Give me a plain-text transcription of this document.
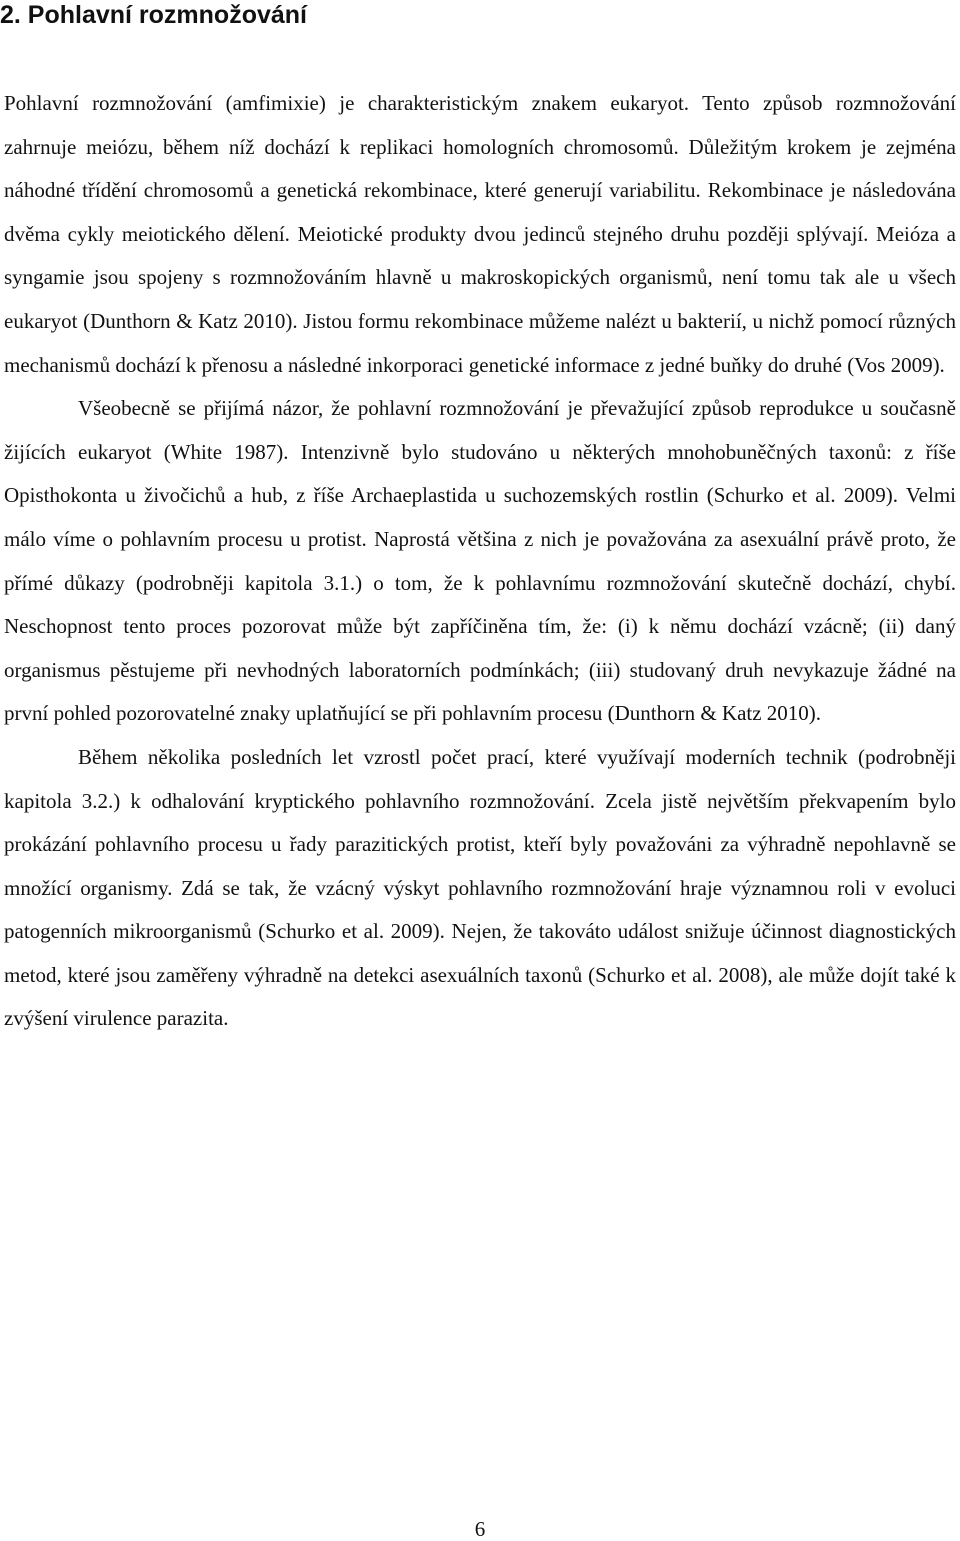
2. Pohlavní rozmnožování

Pohlavní rozmnožování (amfimixie) je charakteristickým znakem eukaryot. Tento způsob rozmnožování zahrnuje meiózu, během níž dochází k replikaci homologních chromosomů. Důležitým krokem je zejména náhodné třídění chromosomů a genetická rekombinace, které generují variabilitu. Rekombinace je následována dvěma cykly meiotického dělení. Meiotické produkty dvou jedinců stejného druhu později splývají. Meióza a syngamie jsou spojeny s rozmnožováním hlavně u makroskopických organismů, není tomu tak ale u všech eukaryot (Dunthorn & Katz 2010). Jistou formu rekombinace můžeme nalézt u bakterií, u nichž pomocí různých mechanismů dochází k přenosu a následné inkorporaci genetické informace z jedné buňky do druhé (Vos 2009).

Všeobecně se přijímá názor, že pohlavní rozmnožování je převažující způsob reprodukce u současně žijících eukaryot (White 1987). Intenzivně bylo studováno u některých mnohobuněčných taxonů: z říše Opisthokonta u živočichů a hub, z říše Archaeplastida u suchozemských rostlin (Schurko et al. 2009). Velmi málo víme o pohlavním procesu u protist. Naprostá většina z nich je považována za asexuální právě proto, že přímé důkazy (podrobněji kapitola 3.1.) o tom, že k pohlavnímu rozmnožování skutečně dochází, chybí. Neschopnost tento proces pozorovat může být zapříčiněna tím, že: (i) k němu dochází vzácně; (ii) daný organismus pěstujeme při nevhodných laboratorních podmínkách; (iii) studovaný druh nevykazuje žádné na první pohled pozorovatelné znaky uplatňující se při pohlavním procesu (Dunthorn & Katz 2010).

Během několika posledních let vzrostl počet prací, které využívají moderních technik (podrobněji kapitola 3.2.) k odhalování kryptického pohlavního rozmnožování. Zcela jistě největším překvapením bylo prokázání pohlavního procesu u řady parazitických protist, kteří byly považováni za výhradně nepohlavně se množící organismy. Zdá se tak, že vzácný výskyt pohlavního rozmnožování hraje významnou roli v evoluci patogenních mikroorganismů (Schurko et al. 2009). Nejen, že takováto událost snižuje účinnost diagnostických metod, které jsou zaměřeny výhradně na detekci asexuálních taxonů (Schurko et al. 2008), ale může dojít také k zvýšení virulence parazita.

6
